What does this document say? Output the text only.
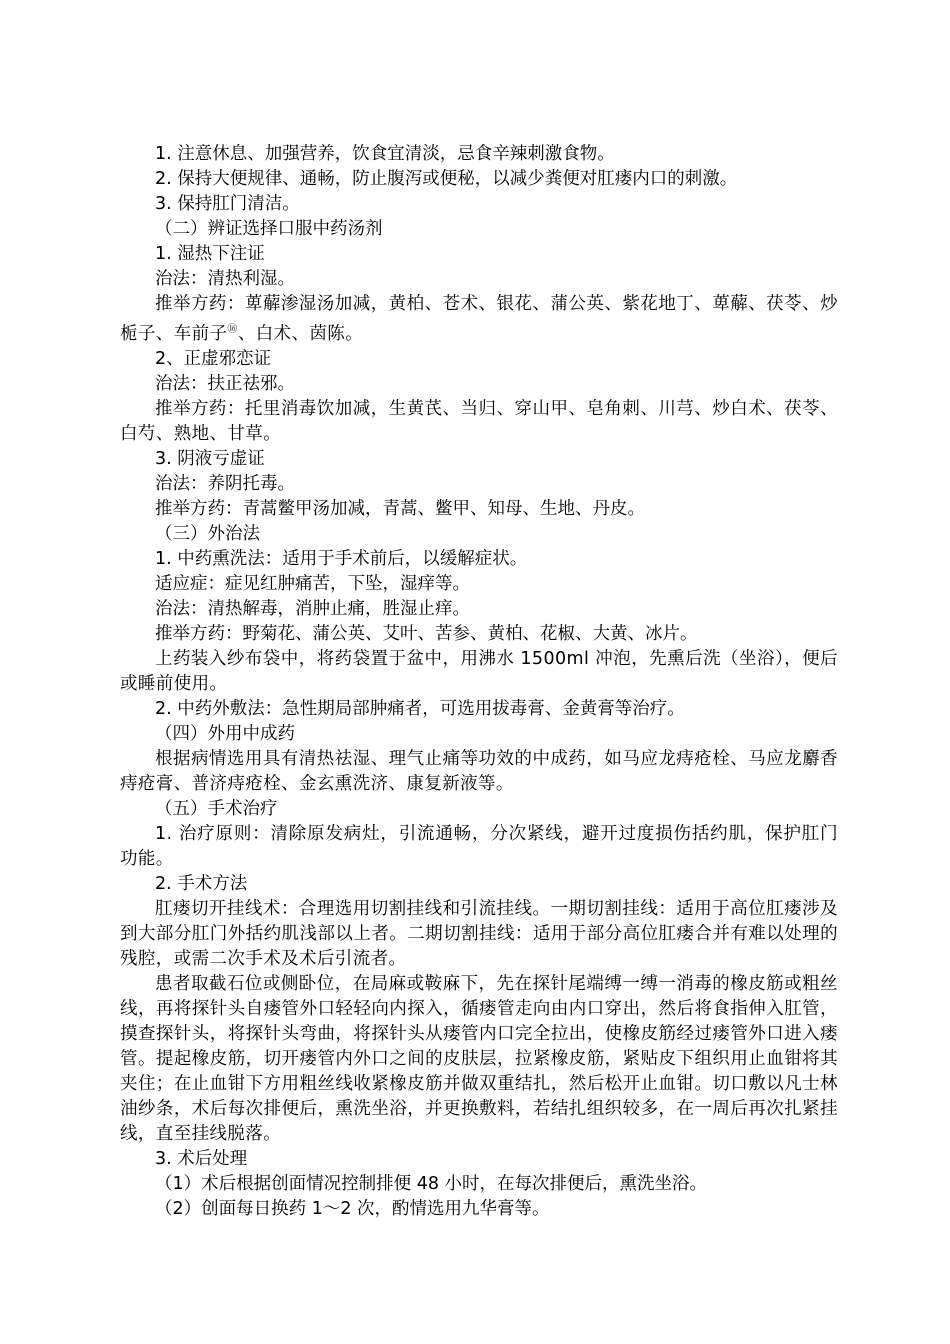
1. 注意休息、加强营养，饮食宜清淡，忌食辛辣刺激食物。

2. 保持大便规律、通畅，防止腹泻或便秘，以减少粪便对肛瘘内口的刺激。

3. 保持肛门清洁。

（二）辨证选择口服中药汤剂

1. 湿热下注证

治法：清热利湿。

推举方药：萆薢渗湿汤加减，黄柏、苍术、银花、蒲公英、紫花地丁、萆薢、茯苓、炒栀子、车前子⑯、白术、茵陈。

2、正虚邪恋证

治法：扶正祛邪。

推举方药：托里消毒饮加减，生黄芪、当归、穿山甲、皂角刺、川芎、炒白术、茯苓、白芍、熟地、甘草。

3. 阴液亏虚证

治法：养阴托毒。

推举方药：青蒿鳖甲汤加减，青蒿、鳖甲、知母、生地、丹皮。

（三）外治法

1. 中药熏洗法：适用于手术前后，以缓解症状。

适应症：症见红肿痛苦，下坠，湿痒等。

治法：清热解毒，消肿止痛，胜湿止痒。

推举方药：野菊花、蒲公英、艾叶、苦参、黄柏、花椒、大黄、冰片。

上药装入纱布袋中，将药袋置于盆中，用沸水 1500ml 冲泡，先熏后洗（坐浴），便后或睡前使用。

2. 中药外敷法：急性期局部肿痛者，可选用拔毒膏、金黄膏等治疗。

（四）外用中成药

根据病情选用具有清热祛湿、理气止痛等功效的中成药，如马应龙痔疮栓、马应龙麝香痔疮膏、普济痔疮栓、金玄熏洗济、康复新液等。

（五）手术治疗

1. 治疗原则：清除原发病灶，引流通畅，分次紧线，避开过度损伤括约肌，保护肛门功能。

2. 手术方法

肛瘘切开挂线术：合理选用切割挂线和引流挂线。一期切割挂线：适用于高位肛瘘涉及到大部分肛门外括约肌浅部以上者。二期切割挂线：适用于部分高位肛瘘合并有难以处理的残腔，或需二次手术及术后引流者。

患者取截石位或侧卧位，在局麻或鞍麻下，先在探针尾端缚一缚一消毒的橡皮筋或粗丝线，再将探针头自瘘管外口轻轻向内探入，循瘘管走向由内口穿出，然后将食指伸入肛管，摸查探针头，将探针头弯曲，将探针头从瘘管内口完全拉出，使橡皮筋经过瘘管外口进入瘘管。提起橡皮筋，切开瘘管内外口之间的皮肤层，拉紧橡皮筋，紧贴皮下组织用止血钳将其夹住；在止血钳下方用粗丝线收紧橡皮筋并做双重结扎，然后松开止血钳。切口敷以凡士林油纱条，术后每次排便后，熏洗坐浴，并更换敷料，若结扎组织较多，在一周后再次扎紧挂线，直至挂线脱落。

3. 术后处理

（1）术后根据创面情况控制排便 48 小时，在每次排便后，熏洗坐浴。

（2）创面每日换药 1～2 次，酌情选用九华膏等。
